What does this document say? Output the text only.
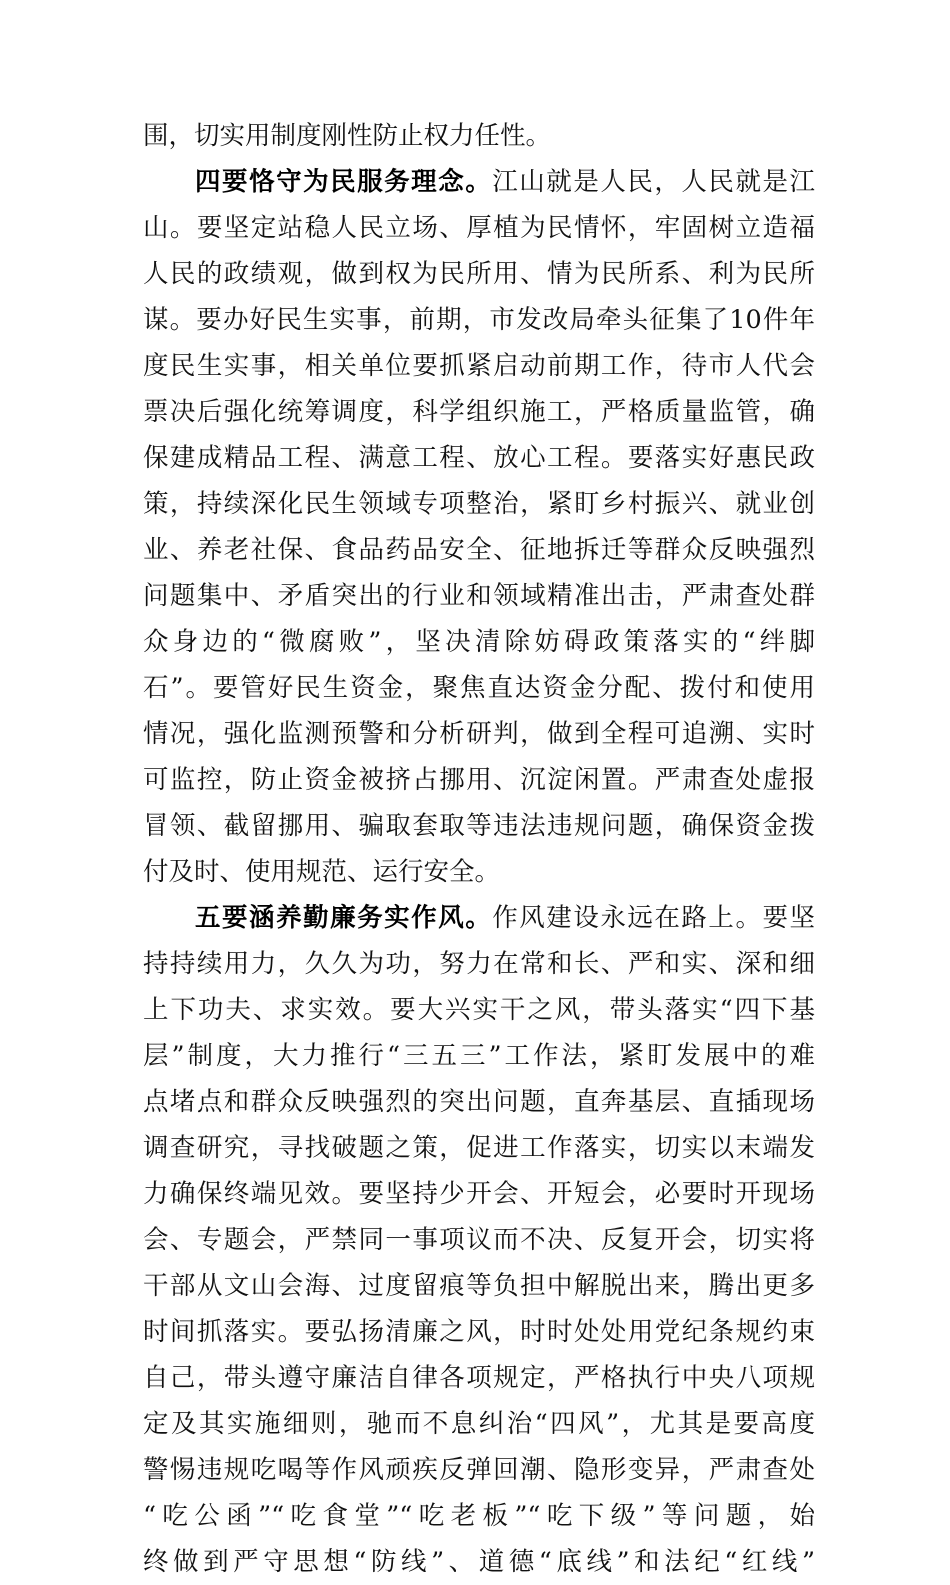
围，切实用制度刚性防止权力任性。
四要恪守为民服务理念。江山就是人民，人民就是江
山。要坚定站稳人民立场、厚植为民情怀，牢固树立造福
人民的政绩观，做到权为民所用、情为民所系、利为民所
谋。要办好民生实事，前期，市发改局牵头征集了10件年
度民生实事，相关单位要抓紧启动前期工作，待市人代会
票决后强化统筹调度，科学组织施工，严格质量监管，确
保建成精品工程、满意工程、放心工程。要落实好惠民政
策，持续深化民生领域专项整治，紧盯乡村振兴、就业创
业、养老社保、食品药品安全、征地拆迁等群众反映强烈
问题集中、矛盾突出的行业和领域精准出击，严肃查处群
众身边的“微腐败”，坚决清除妨碍政策落实的“绊脚
石”。要管好民生资金，聚焦直达资金分配、拨付和使用
情况，强化监测预警和分析研判，做到全程可追溯、实时
可监控，防止资金被挤占挪用、沉淀闲置。严肃查处虚报
冒领、截留挪用、骗取套取等违法违规问题，确保资金拨
付及时、使用规范、运行安全。
五要涵养勤廉务实作风。作风建设永远在路上。要坚
持持续用力，久久为功，努力在常和长、严和实、深和细
上下功夫、求实效。要大兴实干之风，带头落实“四下基
层”制度，大力推行“三五三”工作法，紧盯发展中的难
点堵点和群众反映强烈的突出问题，直奔基层、直插现场
调查研究，寻找破题之策，促进工作落实，切实以末端发
力确保终端见效。要坚持少开会、开短会，必要时开现场
会、专题会，严禁同一事项议而不决、反复开会，切实将
干部从文山会海、过度留痕等负担中解脱出来，腾出更多
时间抓落实。要弘扬清廉之风，时时处处用党纪条规约束
自己，带头遵守廉洁自律各项规定，严格执行中央八项规
定及其实施细则，驰而不息纠治“四风”，尤其是要高度
警惕违规吃喝等作风顽疾反弹回潮、隐形变异，严肃查处
“吃公函”“吃食堂”“吃老板”“吃下级”等问题，始
终做到严守思想“防线”、道德“底线”和法纪“红线”
